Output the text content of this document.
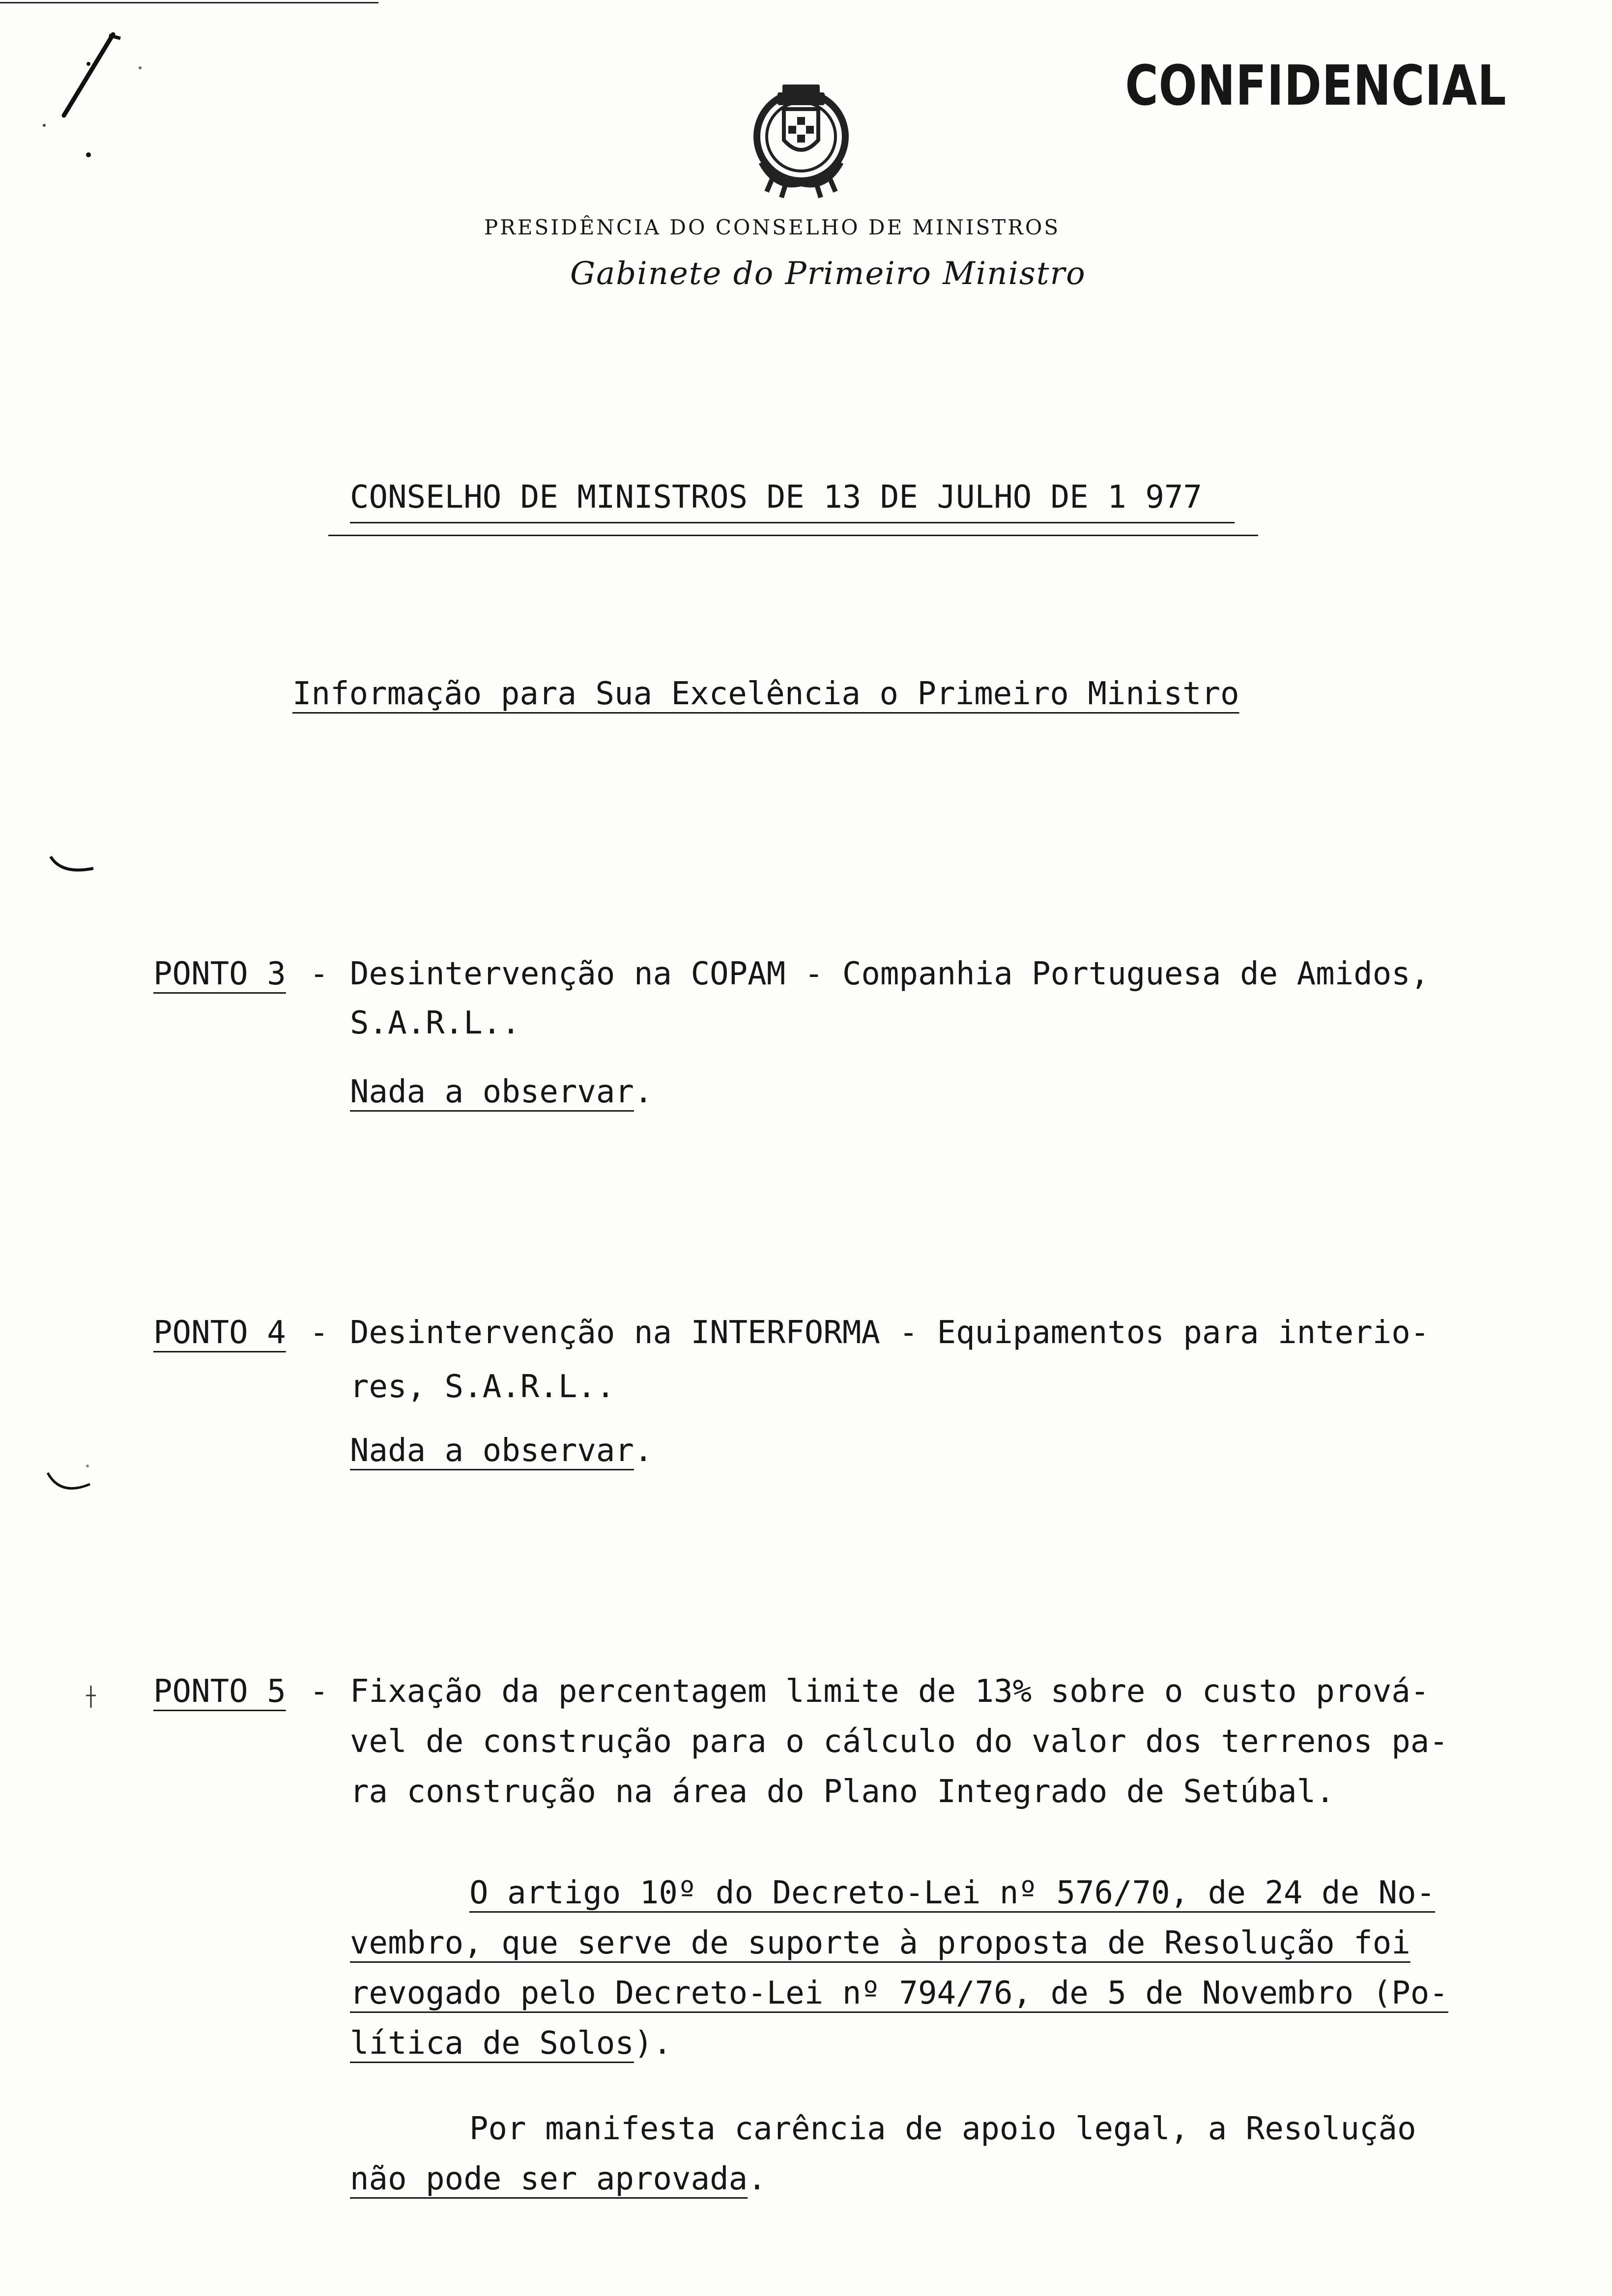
CONFIDENCIAL
PRESIDÊNCIA DO CONSELHO DE MINISTROS
Gabinete do Primeiro Ministro
CONSELHO DE MINISTROS DE 13 DE JULHO DE 1 977
Informação para Sua Excelência o Primeiro Ministro
PONTO 3 - Desintervenção na COPAM - Companhia Portuguesa de Amidos,
S.A.R.L..
Nada a observar.
PONTO 4 - Desintervenção na INTERFORMA - Equipamentos para interio-
res, S.A.R.L..
Nada a observar.
PONTO 5 - Fixação da percentagem limite de 13% sobre o custo prová-
vel de construção para o cálculo do valor dos terrenos pa-
ra construção na área do Plano Integrado de Setúbal.
O artigo 10º do Decreto-Lei nº 576/70, de 24 de No-
vembro, que serve de suporte à proposta de Resolução foi
revogado pelo Decreto-Lei nº 794/76, de 5 de Novembro (Po-
lítica de Solos).
Por manifesta carência de apoio legal, a Resolução
não pode ser aprovada.
